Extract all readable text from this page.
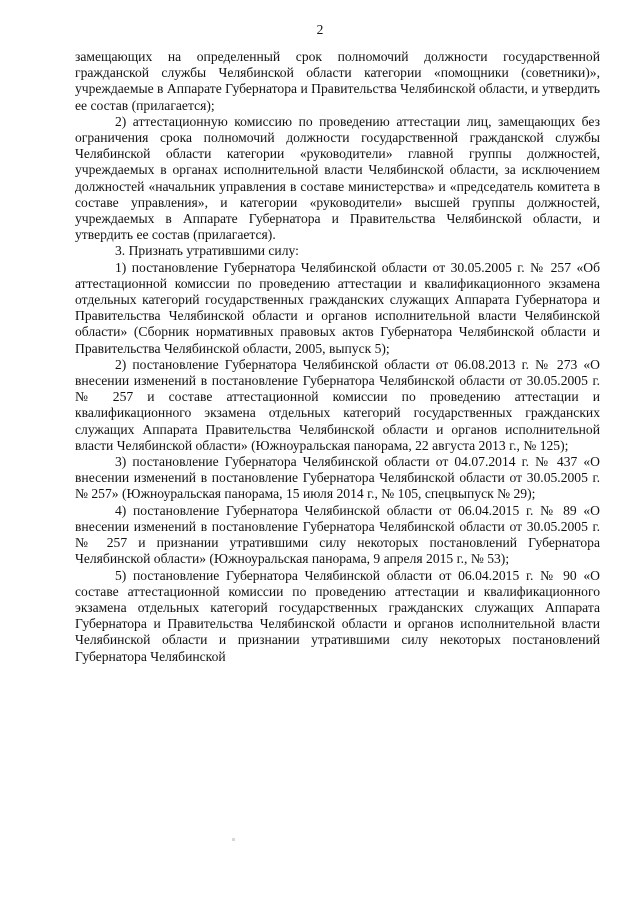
2

замещающих на определенный срок полномочий должности государственной гражданской службы Челябинской области категории «помощники (советники)», учреждаемые в Аппарате Губернатора и Правительства Челябинской области, и утвердить ее состав (прилагается);

2) аттестационную комиссию по проведению аттестации лиц, замещающих без ограничения срока полномочий должности государственной гражданской службы Челябинской области категории «руководители» главной группы должностей, учреждаемых в органах исполнительной власти Челябинской области, за исключением должностей «начальник управления в составе министерства» и «председатель комитета в составе управления», и категории «руководители» высшей группы должностей, учреждаемых в Аппарате Губернатора и Правительства Челябинской области, и утвердить ее состав (прилагается).

3. Признать утратившими силу:

1) постановление Губернатора Челябинской области от 30.05.2005 г. № 257 «Об аттестационной комиссии по проведению аттестации и квалификационного экзамена отдельных категорий государственных гражданских служащих Аппарата Губернатора и Правительства Челябинской области и органов исполнительной власти Челябинской области» (Сборник нормативных правовых актов Губернатора Челябинской области и Правительства Челябинской области, 2005, выпуск 5);

2) постановление Губернатора Челябинской области от 06.08.2013 г. № 273 «О внесении изменений в постановление Губернатора Челябинской области от 30.05.2005 г. № 257 и составе аттестационной комиссии по проведению аттестации и квалификационного экзамена отдельных категорий государственных гражданских служащих Аппарата Правительства Челябинской области и органов исполнительной власти Челябинской области» (Южноуральская панорама, 22 августа 2013 г., № 125);

3) постановление Губернатора Челябинской области от 04.07.2014 г. № 437 «О внесении изменений в постановление Губернатора Челябинской области от 30.05.2005 г. № 257» (Южноуральская панорама, 15 июля 2014 г., № 105, спецвыпуск № 29);

4) постановление Губернатора Челябинской области от 06.04.2015 г. № 89 «О внесении изменений в постановление Губернатора Челябинской области от 30.05.2005 г. № 257 и признании утратившими силу некоторых постановлений Губернатора Челябинской области» (Южноуральская панорама, 9 апреля 2015 г., № 53);

5) постановление Губернатора Челябинской области от 06.04.2015 г. № 90 «О составе аттестационной комиссии по проведению аттестации и квалификационного экзамена отдельных категорий государственных гражданских служащих Аппарата Губернатора и Правительства Челябинской области и органов исполнительной власти Челябинской области и признании утратившими силу некоторых постановлений Губернатора Челябинской
